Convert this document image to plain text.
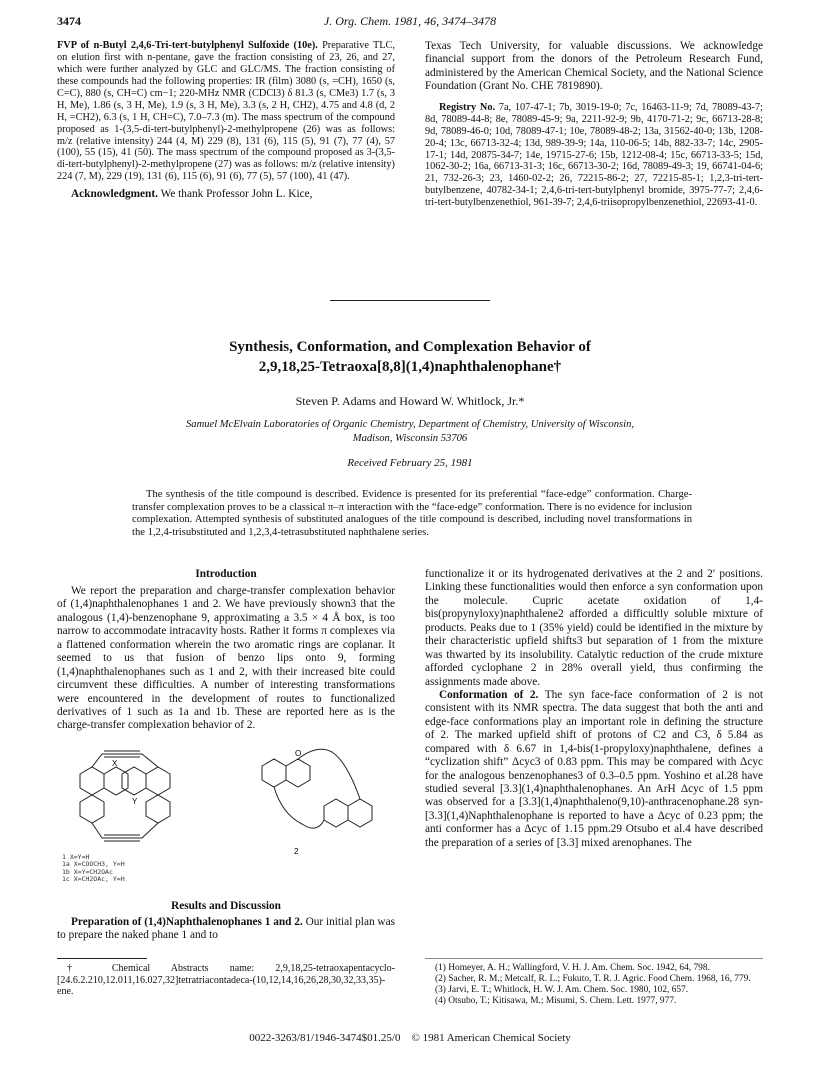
3474	J. Org. Chem. 1981, 46, 3474–3478

FVP of n-Butyl 2,4,6-Tri-tert-butylphenyl Sulfoxide (10e). Preparative TLC, on elution first with n-pentane, gave the fraction consisting of 23, 26, and 27, which were further analyzed by GLC and GLC/MS. The fraction consisting of these compounds had the following properties: IR (film) 3080 (s, =CH), 1650 (s, C=C), 880 (s, CH=C) cm−1; 220-MHz NMR (CDCl3) δ 81.3 (s, CMe3) 1.7 (s, 3 H, Me), 1.86 (s, 3 H, Me), 1.9 (s, 3 H, Me), 3.3 (s, 2 H, CH2), 4.75 and 4.8 (d, 2 H, =CH2), 6.3 (s, 1 H, CH=C), 7.0–7.3 (m). The mass spectrum of the compound proposed as 1-(3,5-di-tert-butylphenyl)-2-methylpropene (26) was as follows: m/z (relative intensity) 244 (4, M) 229 (8), 131 (6), 115 (5), 91 (7), 77 (4), 57 (100), 55 (15), 41 (50). The mass spectrum of the compound proposed as 3-(3,5-di-tert-butylphenyl)-2-methylpropene (27) was as follows: m/z (relative intensity) 224 (7, M), 229 (19), 131 (6), 115 (6), 91 (6), 77 (5), 57 (100), 41 (47).

Acknowledgment. We thank Professor John L. Kice,

Texas Tech University, for valuable discussions. We acknowledge financial support from the donors of the Petroleum Research Fund, administered by the American Chemical Society, and the National Science Foundation (Grant No. CHE 7819890).

Registry No. 7a, 107-47-1; 7b, 3019-19-0; 7c, 16463-11-9; 7d, 78089-43-7; 8d, 78089-44-8; 8e, 78089-45-9; 9a, 2211-92-9; 9b, 4170-71-2; 9c, 66713-28-8; 9d, 78089-46-0; 10d, 78089-47-1; 10e, 78089-48-2; 13a, 31562-40-0; 13b, 1208-20-4; 13c, 66713-32-4; 13d, 989-39-9; 14a, 110-06-5; 14b, 882-33-7; 14c, 2905-17-1; 14d, 20875-34-7; 14e, 19715-27-6; 15b, 1212-08-4; 15c, 66713-33-5; 15d, 1062-30-2; 16a, 66713-31-3; 16c, 66713-30-2; 16d, 78089-49-3; 19, 66741-04-6; 21, 732-26-3; 23, 1460-02-2; 26, 72215-86-2; 27, 72215-85-1; 1,2,3-tri-tert-butylbenzene, 40782-34-1; 2,4,6-tri-tert-butylphenyl bromide, 3975-77-7; 2,4,6-tri-tert-butylbenzenethiol, 961-39-7; 2,4,6-triisopropylbenzenethiol, 22693-41-0.

Synthesis, Conformation, and Complexation Behavior of
2,9,18,25-Tetraoxa[8,8](1,4)naphthalenophane†
Steven P. Adams and Howard W. Whitlock, Jr.*
Samuel McElvain Laboratories of Organic Chemistry, Department of Chemistry, University of Wisconsin,
Madison, Wisconsin 53706
Received February 25, 1981
The synthesis of the title compound is described. Evidence is presented for its preferential “face-edge” conformation. Charge-transfer complexation proves to be a classical π–π interaction with the “face-edge” conformation. There is no evidence for inclusion complexation. Attempted synthesis of substituted analogues of the title compound is described, including novel transformations in the 1,2,4-trisubstituted and 1,2,3,4-tetrasubstituted naphthalene series.
Introduction

We report the preparation and charge-transfer complexation behavior of (1,4)naphthalenophanes 1 and 2. We have previously shown3 that the analogous (1,4)-benzenophane 9, approximating a 3.5 × 4 Å box, is too narrow to accommodate intracavity hosts. Rather it forms π complexes via a flattened conformation wherein the two aromatic rings are coplanar. It seemed to us that fusion of benzo lips onto 9, forming (1,4)naphthalenophanes such as 1 and 2, with their increased bite could circumvent these difficulties. A number of interesting transformations were encountered in the development of routes to functionalized derivatives of 1 such as 1a and 1b. These are reported here as is the charge-transfer complexation behavior of 2.

X
Y
O
2
1 X=Y=H
1a X=COOCH3, Y=H
1b X=Y=CH2OAc
1c X=CH2OAc, Y=H
Results and Discussion

Preparation of (1,4)Naphthalenophanes 1 and 2. Our initial plan was to prepare the naked phane 1 and to

† Chemical Abstracts name: 2,9,18,25-tetraoxapentacyclo-[24.6.2.210,12.011,16.027,32]tetratriacontadeca-(10,12,14,16,26,28,30,32,33,35)-ene.

functionalize it or its hydrogenated derivatives at the 2 and 2′ positions. Linking these functionalities would then enforce a syn conformation upon the molecule. Cupric acetate oxidation of 1,4-bis(propynyloxy)naphthalene2 afforded a difficultly soluble mixture of products. Peaks due to 1 (35% yield) could be identified in the mixture by their characteristic upfield shifts3 but separation of 1 from the mixture was thwarted by its insolubility. Catalytic reduction of the crude mixture afforded cyclophane 2 in 28% overall yield, thus confirming the assignments made above.

Conformation of 2. The syn face-face conformation of 2 is not consistent with its NMR spectra. The data suggest that both the anti and edge-face conformations play an important role in defining the structure of 2. The marked upfield shift of protons of C2 and C3, δ 5.84 as compared with δ 6.67 in 1,4-bis(1-propyloxy)naphthalene, defines a “cyclization shift” Δcyc3 of 0.83 ppm. This may be compared with Δcyc for the analogous benzenophanes3 of 0.3–0.5 ppm. Yoshino et al.28 have studied several [3.3](1,4)naphthalenophanes. An ArH Δcyc of 1.5 ppm was observed for a [3.3](1,4)naphthaleno(9,10)-anthracenophane.28 syn-[3.3](1,4)Naphthalenophane is reported to have a Δcyc of 0.23 ppm; the anti conformer has a Δcyc of 1.15 ppm.29 Otsubo et al.4 have described the preparation of a series of [3.3] mixed arenophanes. The

(1) Homeyer, A. H.; Wallingford, V. H. J. Am. Chem. Soc. 1942, 64, 798.
(2) Sacher, R. M.; Metcalf, R. L.; Fukuto, T. R. J. Agric. Food Chem. 1968, 16, 779.
(3) Jarvi, E. T.; Whitlock, H. W. J. Am. Chem. Soc. 1980, 102, 657.
(4) Otsubo, T.; Kitisawa, M.; Misumi, S. Chem. Lett. 1977, 977.
0022-3263/81/1946-3474$01.25/0 © 1981 American Chemical Society
